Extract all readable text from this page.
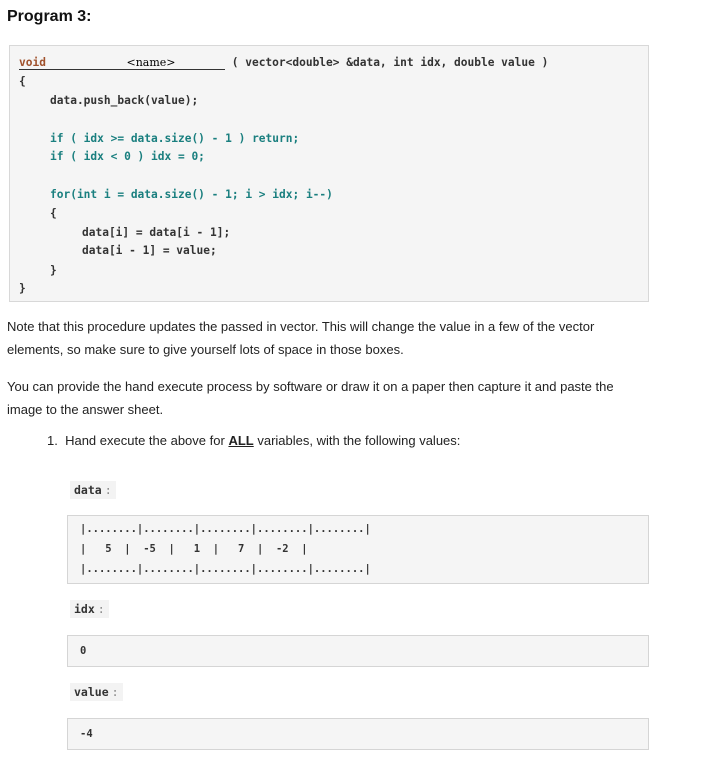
Program 3:
void	<name>	( vector<double> &data, int idx, double value )
{
data.push_back(value);
if ( idx >= data.size() - 1 ) return;
if ( idx < 0 ) idx = 0;
for(int i = data.size() - 1; i > idx; i--)
{
data[i] = data[i - 1];
data[i - 1] = value;
}
}
Note that this procedure updates the passed in vector. This will change the value in a few of the vector
elements, so make sure to give yourself lots of space in those boxes.
You can provide the hand execute process by software or draw it on a paper then capture it and paste the
image to the answer sheet.
1. Hand execute the above for ALL variables, with the following values:
data :
|........|........|........|........|........|
|   5  |  -5  |   1  |   7  |  -2  |
|........|........|........|........|........|
idx :
0
value :
-4
